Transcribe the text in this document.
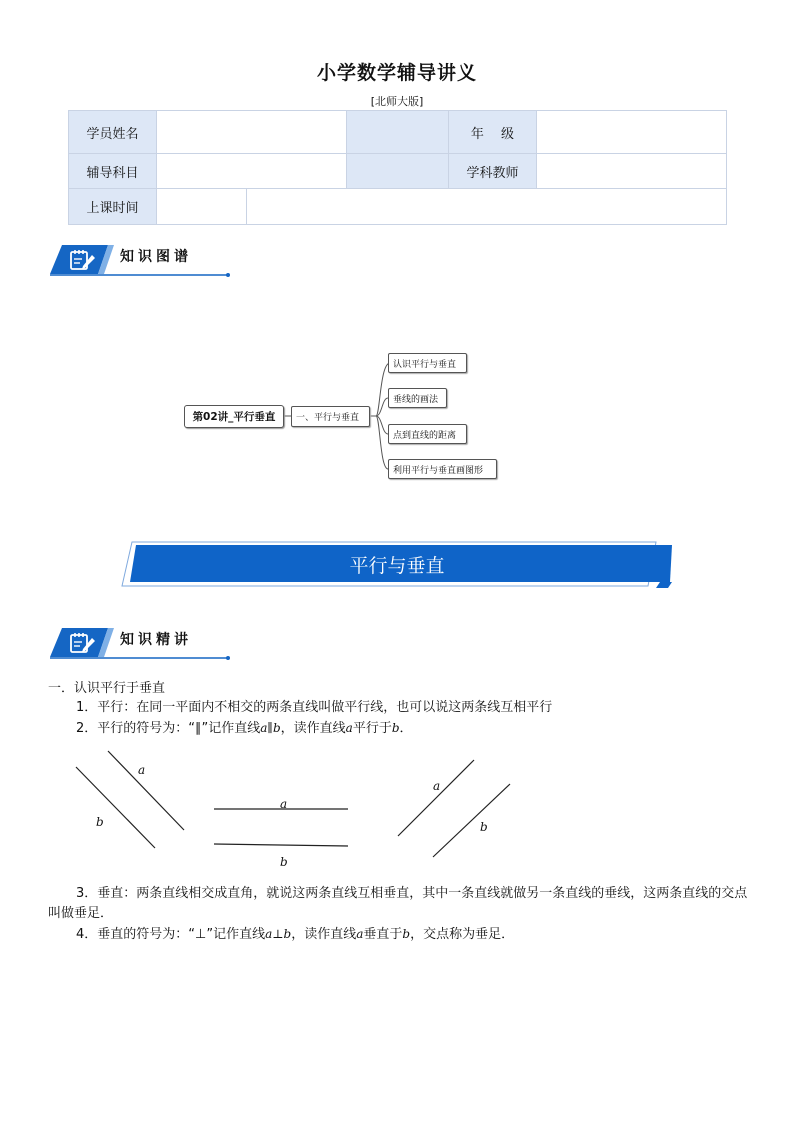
小学数学辅导讲义
[北师大版]
学员姓名				年　 级	
辅导科目				学科教师	
上课时间					
知识图谱
第02讲_平行垂直	一、平行与垂直
认识平行与垂直
垂线的画法
点到直线的距离
利用平行与垂直画图形
平行与垂直
知识精讲
一．认识平行于垂直
1．平行：在同一平面内不相交的两条直线叫做平行线，也可以说这两条线互相平行
2．平行的符号为：“∥”记作直线a∥b，读作直线a平行于b．
a
b
a
b
a
b
3．垂直：两条直线相交成直角，就说这两条直线互相垂直，其中一条直线就做另一条直线的垂线，这两条直线的交点叫做垂足．
4．垂直的符号为：“⊥”记作直线a⊥b，读作直线a垂直于b，交点称为垂足．
